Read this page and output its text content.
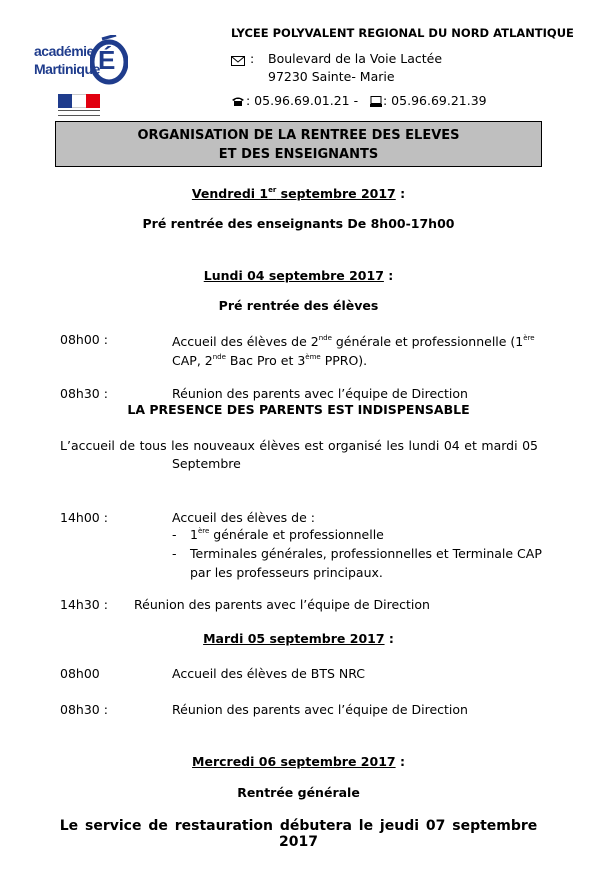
académie
Martinique
É
LYCEE POLYVALENT REGIONAL DU NORD ATLANTIQUE
: Boulevard de la Voie Lactée
97230 Sainte- Marie
: 05.96.69.01.21 - : 05.96.69.21.39
ORGANISATION DE LA RENTREE DES ELEVES
ET DES ENSEIGNANTS
Vendredi 1er septembre 2017 :
Pré rentrée des enseignants De 8h00-17h00
Lundi 04 septembre 2017 :
Pré rentrée des élèves
08h00 :	Accueil des élèves de 2nde générale et professionnelle (1ère
CAP, 2nde Bac Pro et 3ème PPRO).
08h30 :	Réunion des parents avec l’équipe de Direction
LA PRESENCE DES PARENTS EST INDISPENSABLE
L’accueil de tous les nouveaux élèves est organisé les lundi 04 et mardi 05
Septembre
14h00 :	Accueil des élèves de :
- 1ère générale et professionnelle
- Terminales générales, professionnelles et Terminale CAP
par les professeurs principaux.
14h30 : Réunion des parents avec l’équipe de Direction
Mardi 05 septembre 2017 :
08h00	Accueil des élèves de BTS NRC
08h30 :	Réunion des parents avec l’équipe de Direction
Mercredi 06 septembre 2017 :
Rentrée générale
Le service de restauration débutera le jeudi 07 septembre 2017
